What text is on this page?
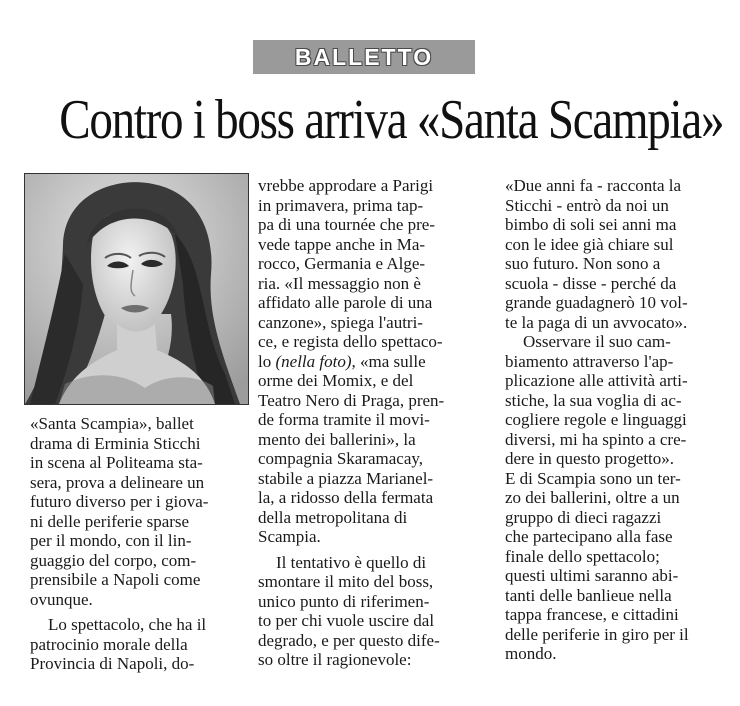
BALLETTO
Contro i boss arriva «Santa Scampia»
«Santa Scampia», ballet
drama di Erminia Sticchi
in scena al Politeama sta-
sera, prova a delineare un
futuro diverso per i giova-
ni delle periferie sparse
per il mondo, con il lin-
guaggio del corpo, com-
prensibile a Napoli come
ovunque.
Lo spettacolo, che ha il
patrocinio morale della
Provincia di Napoli, do-
vrebbe approdare a Parigi
in primavera, prima tap-
pa di una tournée che pre-
vede tappe anche in Ma-
rocco, Germania e Alge-
ria. «Il messaggio non è
affidato alle parole di una
canzone», spiega l'autri-
ce, e regista dello spettaco-
lo (nella foto), «ma sulle
orme dei Momix, e del
Teatro Nero di Praga, pren-
de forma tramite il movi-
mento dei ballerini», la
compagnia Skaramacay,
stabile a piazza Marianel-
la, a ridosso della fermata
della metropolitana di
Scampia.
Il tentativo è quello di
smontare il mito del boss,
unico punto di riferimen-
to per chi vuole uscire dal
degrado, e per questo dife-
so oltre il ragionevole:
«Due anni fa - racconta la
Sticchi - entrò da noi un
bimbo di soli sei anni ma
con le idee già chiare sul
suo futuro. Non sono a
scuola - disse - perché da
grande guadagnerò 10 vol-
te la paga di un avvocato».
Osservare il suo cam-
biamento attraverso l'ap-
plicazione alle attività arti-
stiche, la sua voglia di ac-
cogliere regole e linguaggi
diversi, mi ha spinto a cre-
dere in questo progetto».
E di Scampia sono un ter-
zo dei ballerini, oltre a un
gruppo di dieci ragazzi
che partecipano alla fase
finale dello spettacolo;
questi ultimi saranno abi-
tanti delle banlieue nella
tappa francese, e cittadini
delle periferie in giro per il
mondo.
